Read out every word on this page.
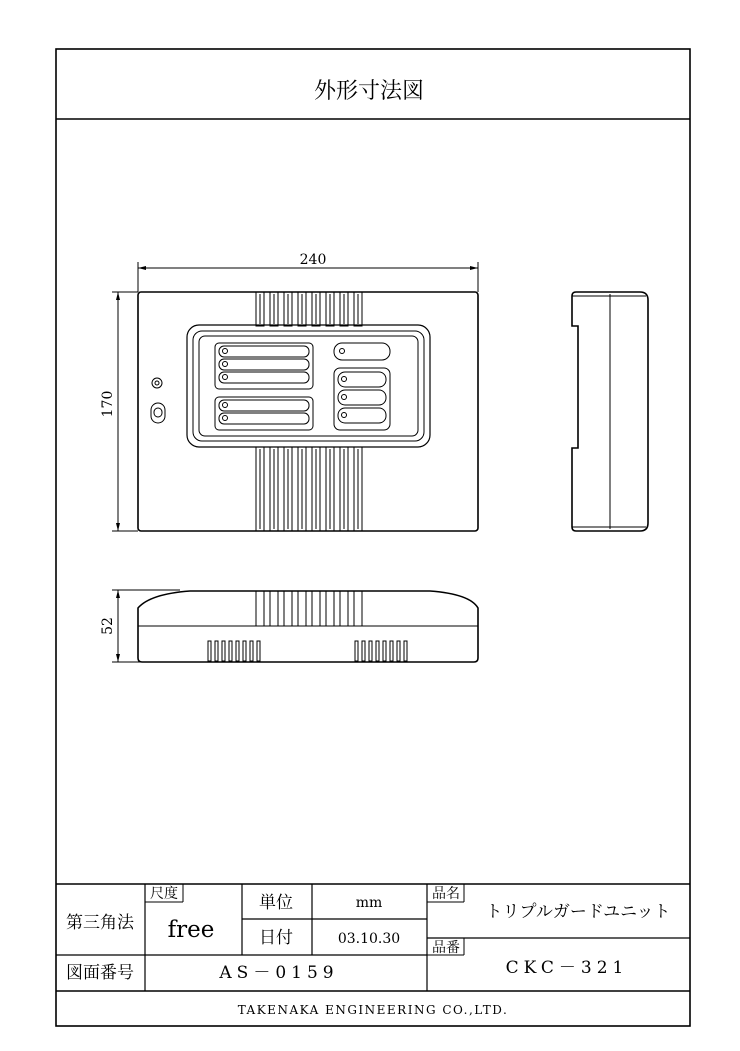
外形寸法図
240
170
52
第三角法
尺度
free
単位	mm
日付	03.10.30
品名
トリプルガードユニット
品番
CKC－321
図面番号	AS－0159
TAKENAKA ENGINEERING CO.,LTD.
